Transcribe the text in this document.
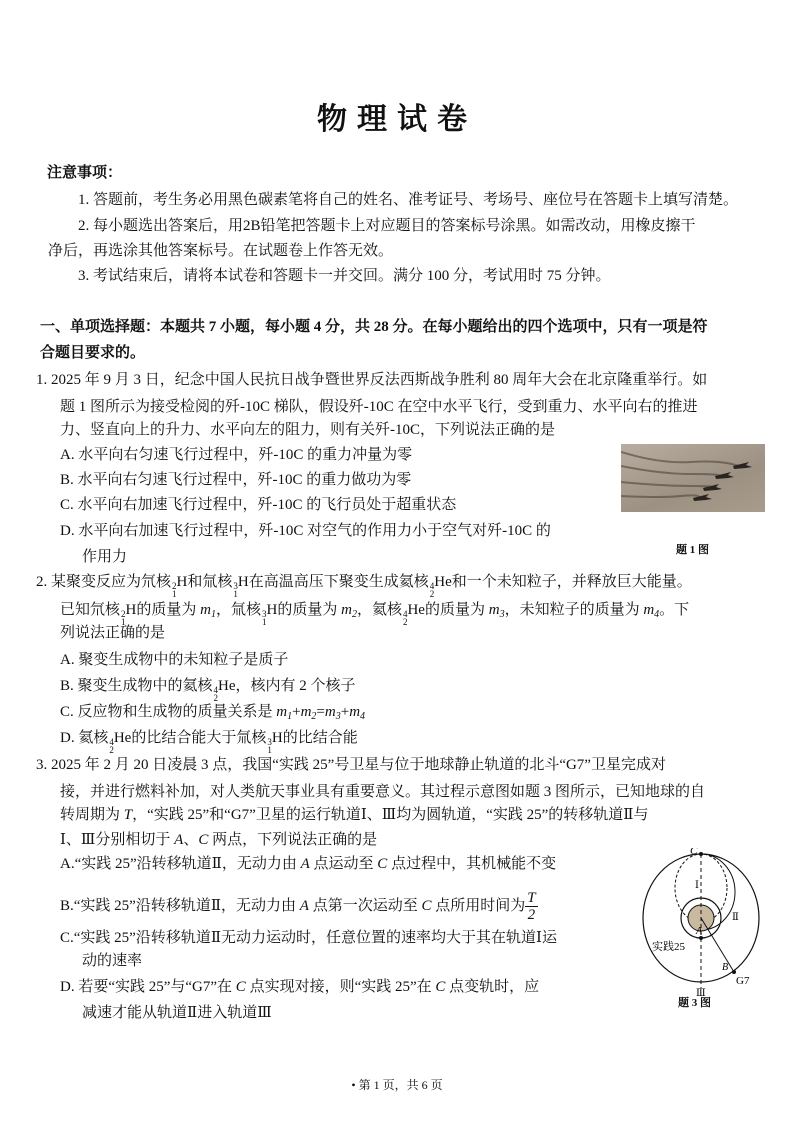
物理试卷
注意事项：
1. 答题前，考生务必用黑色碳素笔将自己的姓名、准考证号、考场号、座位号在答题卡上填写清楚。
2. 每小题选出答案后，用2B铅笔把答题卡上对应题目的答案标号涂黑。如需改动，用橡皮擦干
净后，再选涂其他答案标号。在试题卷上作答无效。
3. 考试结束后，请将本试卷和答题卡一并交回。满分 100 分，考试用时 75 分钟。
一、单项选择题：本题共 7 小题，每小题 4 分，共 28 分。在每小题给出的四个选项中，只有一项是符
合题目要求的。
1. 2025 年 9 月 3 日，纪念中国人民抗日战争暨世界反法西斯战争胜利 80 周年大会在北京隆重举行。如
题 1 图所示为接受检阅的歼-10C 梯队，假设歼-10C 在空中水平飞行，受到重力、水平向右的推进
力、竖直向上的升力、水平向左的阻力，则有关歼-10C，下列说法正确的是
A. 水平向右匀速飞行过程中，歼-10C 的重力冲量为零
B. 水平向右匀速飞行过程中，歼-10C 的重力做功为零
C. 水平向右加速飞行过程中，歼-10C 的飞行员处于超重状态
D. 水平向右加速飞行过程中，歼-10C 对空气的作用力小于空气对歼-10C 的
作用力	题 1 图
2. 某聚变反应为氘核 2
1
H和氚核 3
1
H在高温高压下聚变生成氦核 4
2
He和一个未知粒子，并释放巨大能量。
已知氘核 2
1
H的质量为 $m_1$，氚核 3
1
H的质量为 $m_2$，氦核 4
2
He的质量为 $m_3$，未知粒子的质量为 $m_4$。下
列说法正确的是
A. 聚变生成物中的未知粒子是质子
B. 聚变生成物中的氦核 4
2
He，核内有 2 个核子
C. 反应物和生成物的质量关系是 $m_1+m_2=m_3+m_4$
D. 氦核 4
2
He的比结合能大于氚核 3
1
H的比结合能
3. 2025 年 2 月 20 日凌晨 3 点，我国“实践 25”号卫星与位于地球静止轨道的北斗“G7”卫星完成对
接，并进行燃料补加，对人类航天事业具有重要意义。其过程示意图如题 3 图所示，已知地球的自
转周期为 T，“实践 25”和“G7”卫星的运行轨道Ⅰ、Ⅲ均为圆轨道，“实践 25”的转移轨道Ⅱ与
Ⅰ、Ⅲ分别相切于 A、C 两点，下列说法正确的是
A.“实践 25”沿转移轨道Ⅱ，无动力由 A 点运动至 C 点过程中，其机械能不变
B.“实践 25”沿转移轨道Ⅱ，无动力由 A 点第一次运动至 C 点所用时间为 $\frac{T}{2}$
C.“实践 25”沿转移轨道Ⅱ无动力运动时，任意位置的速率均大于其在轨道Ⅰ运
动的速率
D. 若要“实践 25”与“G7”在 C 点实现对接，则“实践 25”在 C 点变轨时，应
减速才能从轨道Ⅱ进入轨道Ⅲ
C
Ⅰ
Ⅱ
Ⅲ
A
B
实践25
G7
题 3 图
• 第 1 页，共 6 页
